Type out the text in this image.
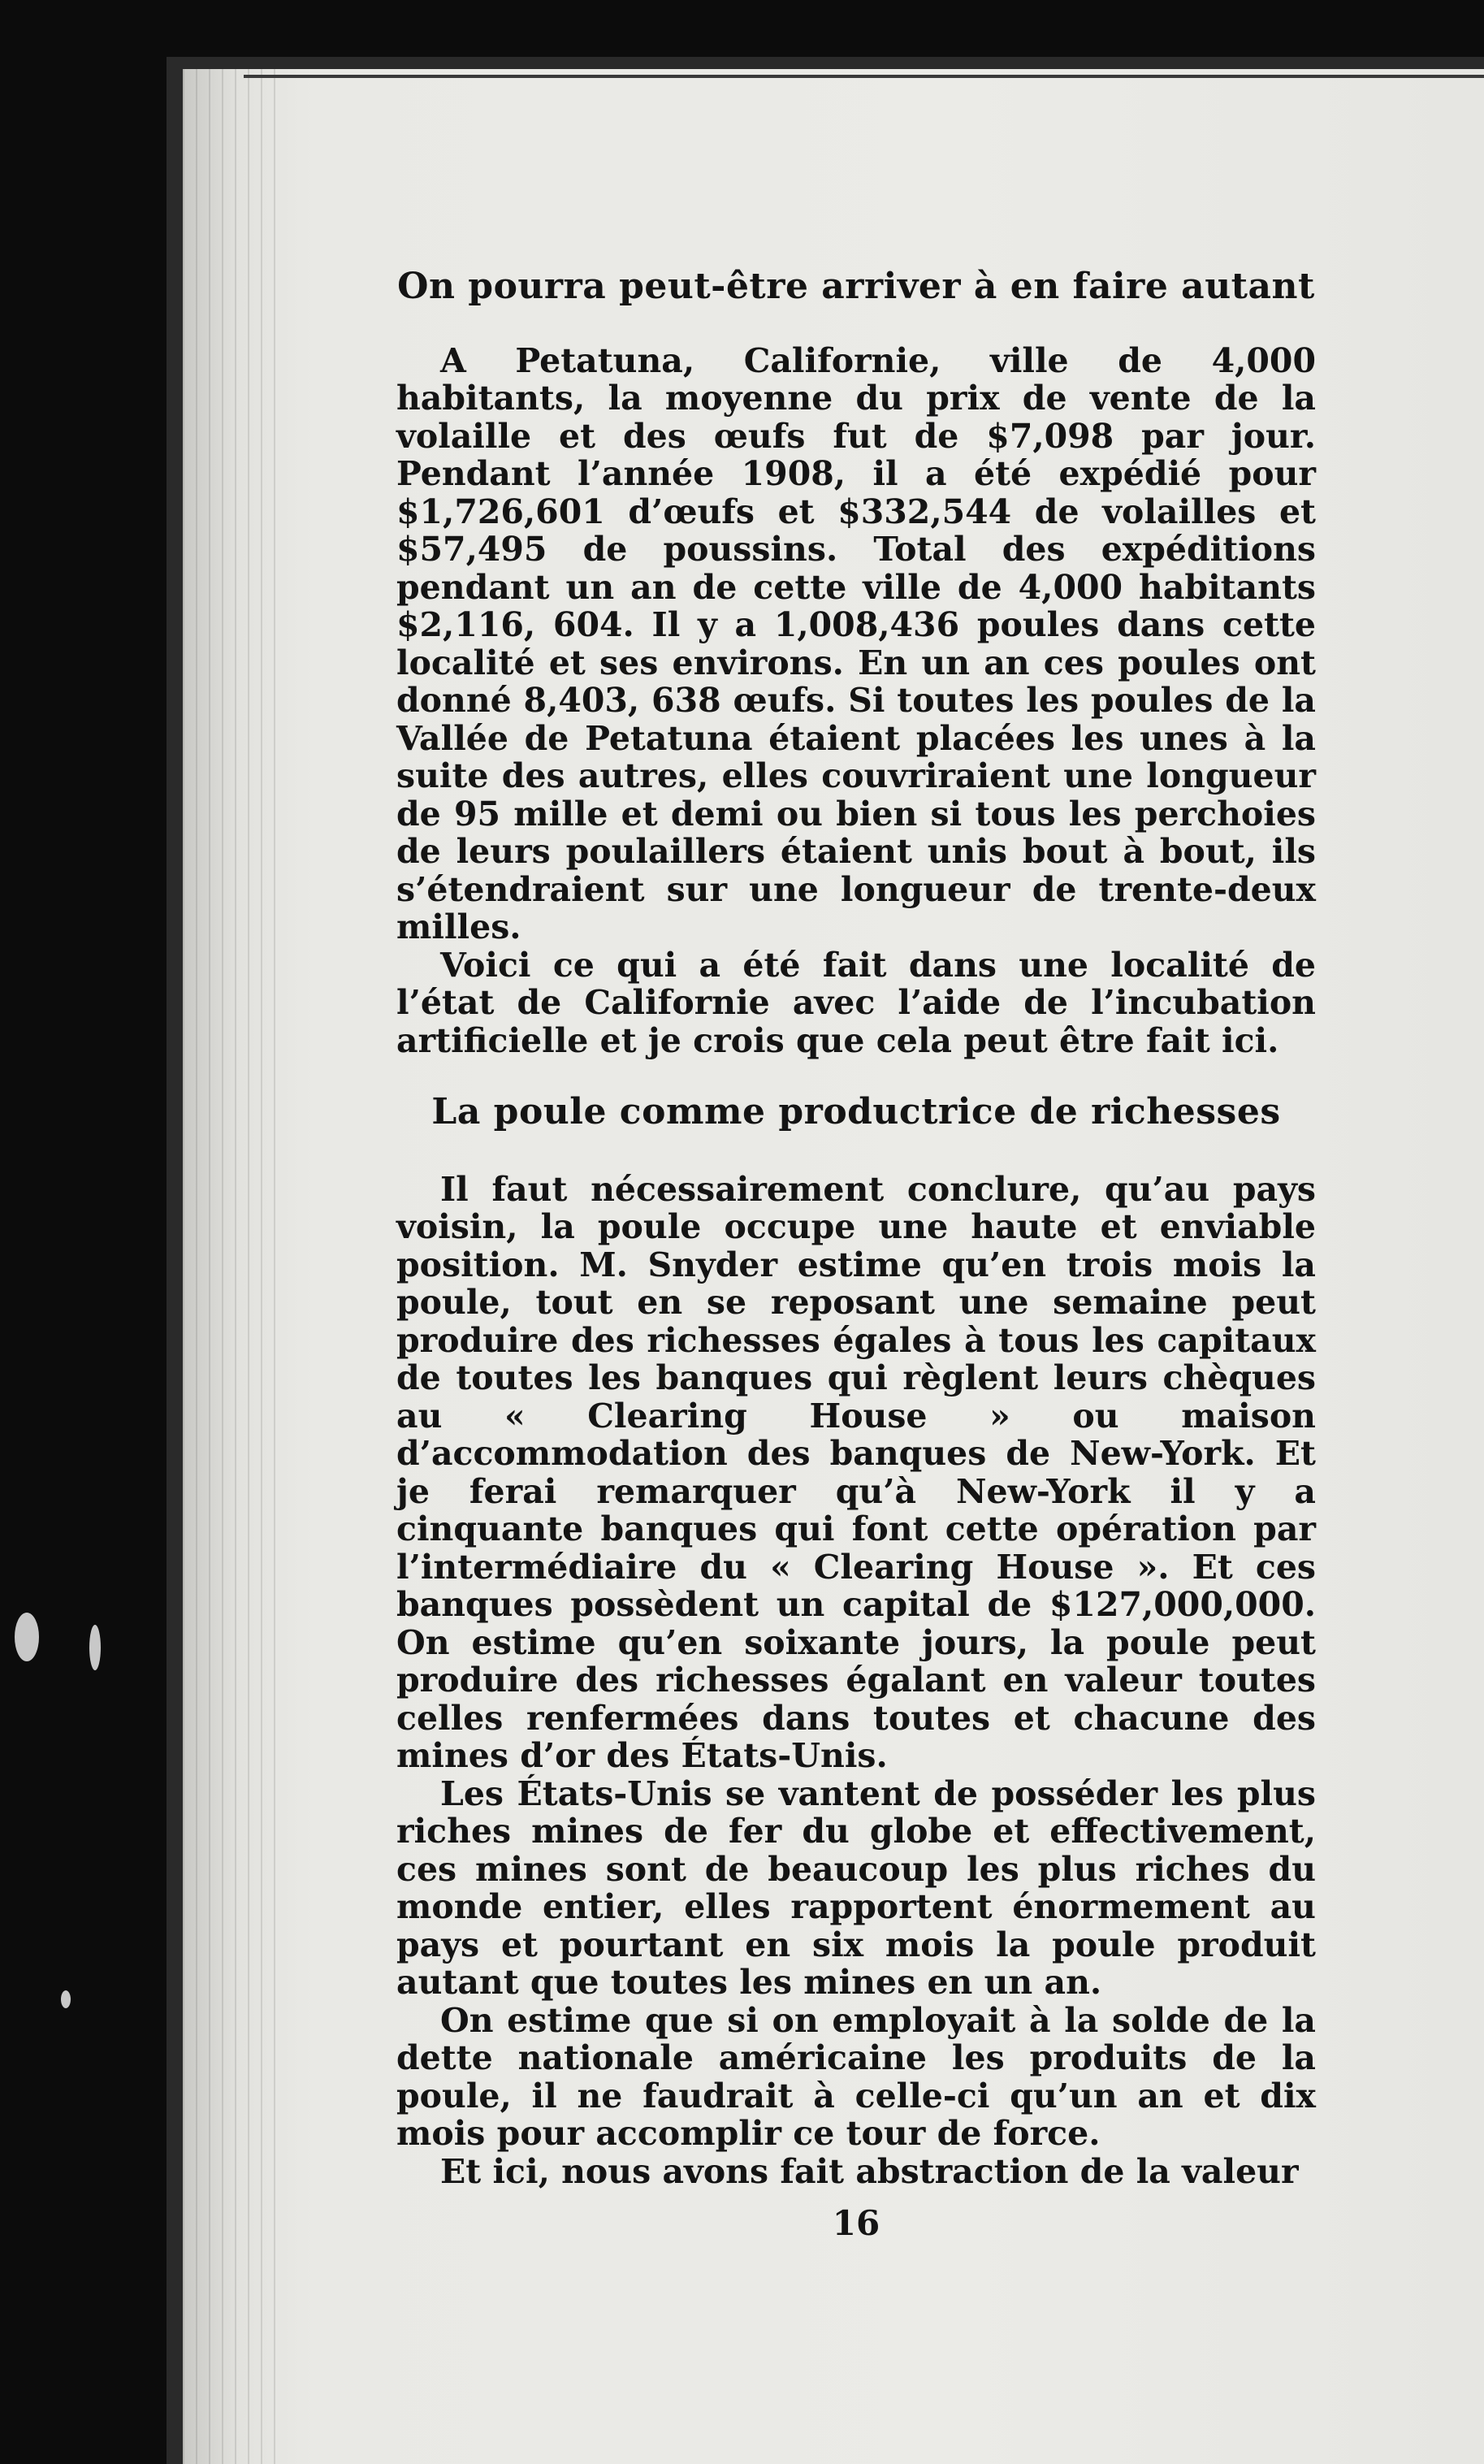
On pourra peut-être arriver à en faire autant

A Petatuna, Californie, ville de 4,000 habitants, la moyenne du prix de vente de la volaille et des œufs fut de $7,098 par jour. Pendant l’année 1908, il a été expédié pour $1,726,601 d’œufs et $332,544 de volailles et $57,495 de poussins. Total des expéditions pendant un an de cette ville de 4,000 habitants $2,116, 604. Il y a 1,008,436 poules dans cette localité et ses environs. En un an ces poules ont donné 8,403, 638 œufs. Si toutes les poules de la Vallée de Petatuna étaient placées les unes à la suite des autres, elles couvriraient une longueur de 95 mille et demi ou bien si tous les perchoies de leurs poulaillers étaient unis bout à bout, ils s’étendraient sur une longueur de trente-deux milles.

Voici ce qui a été fait dans une localité de l’état de Californie avec l’aide de l’incubation artificielle et je crois que cela peut être fait ici.

La poule comme productrice de richesses

Il faut nécessairement conclure, qu’au pays voisin, la poule occupe une haute et enviable position. M. Snyder estime qu’en trois mois la poule, tout en se reposant une semaine peut produire des richesses égales à tous les capitaux de toutes les banques qui règlent leurs chèques au « Clearing House » ou maison d’accommodation des banques de New-York. Et je ferai remarquer qu’à New-York il y a cinquante banques qui font cette opération par l’intermédiaire du « Clearing House ». Et ces banques possèdent un capital de $127,000,000. On estime qu’en soixante jours, la poule peut produire des richesses égalant en valeur toutes celles renfermées dans toutes et chacune des mines d’or des États-Unis.

Les États-Unis se vantent de posséder les plus riches mines de fer du globe et effectivement, ces mines sont de beaucoup les plus riches du monde entier, elles rapportent énormement au pays et pourtant en six mois la poule produit autant que toutes les mines en un an.

On estime que si on employait à la solde de la dette nationale américaine les produits de la poule, il ne faudrait à celle-ci qu’un an et dix mois pour accomplir ce tour de force.

Et ici, nous avons fait abstraction de la valeur

16
